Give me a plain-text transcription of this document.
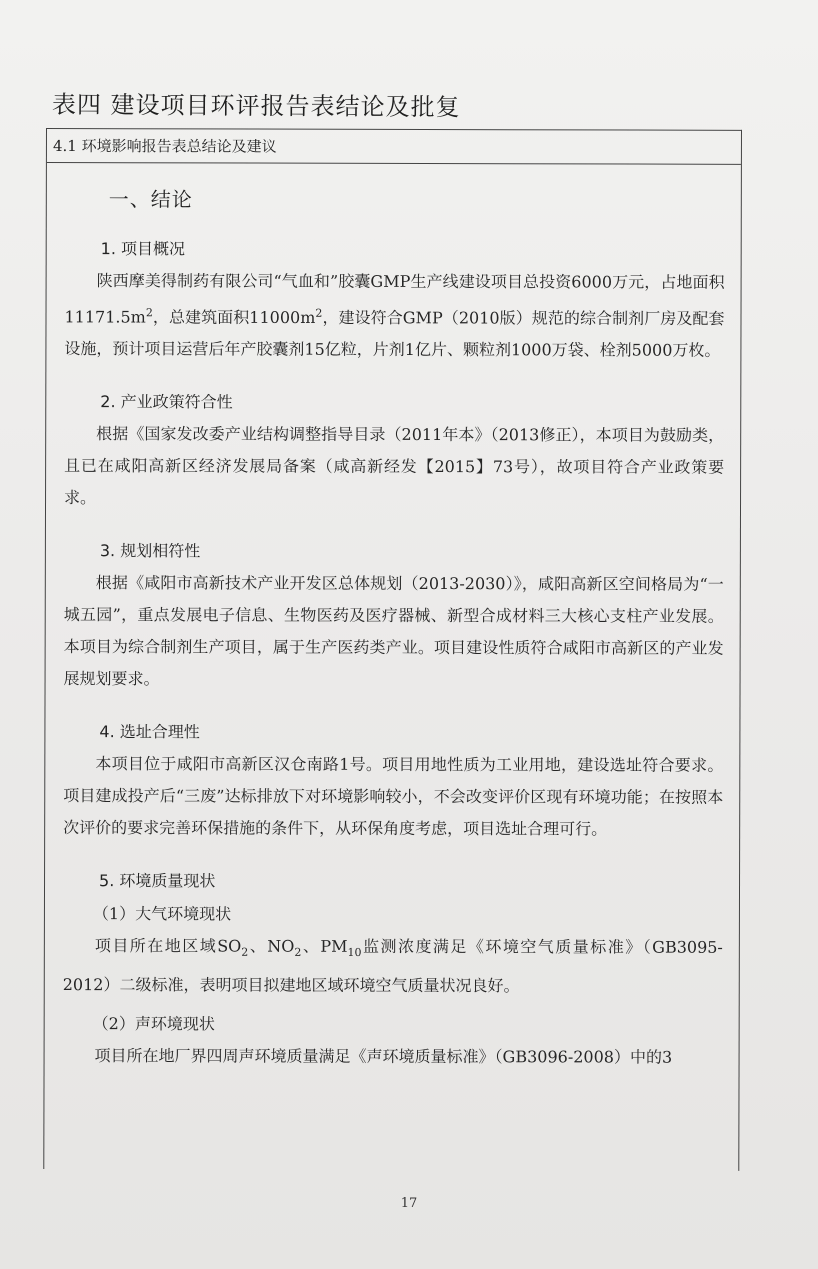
表四 建设项目环评报告表结论及批复
4.1 环境影响报告表总结论及建议
一、结论
1. 项目概况
陕西摩美得制药有限公司“气血和”胶囊GMP生产线建设项目总投资6000万元，占地面积$11171.5m^2$，总建筑面积$11000m^2$，建设符合GMP（2010版）规范的综合制剂厂房及配套设施，预计项目运营后年产胶囊剂15亿粒，片剂1亿片、颗粒剂1000万袋、栓剂5000万枚。
2. 产业政策符合性
根据《国家发改委产业结构调整指导目录（2011年本》（2013修正），本项目为鼓励类，且已在咸阳高新区经济发展局备案（咸高新经发【2015】73号），故项目符合产业政策要求。
3. 规划相符性
根据《咸阳市高新技术产业开发区总体规划（2013-2030）》，咸阳高新区空间格局为“一城五园”，重点发展电子信息、生物医药及医疗器械、新型合成材料三大核心支柱产业发展。本项目为综合制剂生产项目，属于生产医药类产业。项目建设性质符合咸阳市高新区的产业发展规划要求。
4. 选址合理性
本项目位于咸阳市高新区汉仓南路1号。项目用地性质为工业用地，建设选址符合要求。项目建成投产后“三废”达标排放下对环境影响较小，不会改变评价区现有环境功能；在按照本次评价的要求完善环保措施的条件下，从环保角度考虑，项目选址合理可行。
5. 环境质量现状
（1）大气环境现状
项目所在地区域$SO_2$、$NO_2$、$PM_{10}$监测浓度满足《环境空气质量标准》（GB3095-2012）二级标准，表明项目拟建地区域环境空气质量状况良好。
（2）声环境现状
项目所在地厂界四周声环境质量满足《声环境质量标准》（GB3096-2008）中的3
17
